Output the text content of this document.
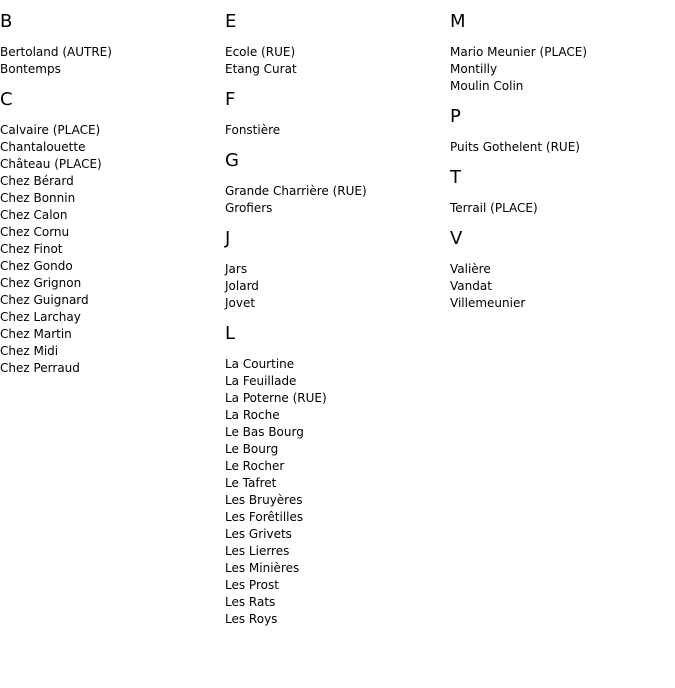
B
Bertoland (AUTRE)
Bontemps
C
Calvaire (PLACE)
Chantalouette
Château (PLACE)
Chez Bérard
Chez Bonnin
Chez Calon
Chez Cornu
Chez Finot
Chez Gondo
Chez Grignon
Chez Guignard
Chez Larchay
Chez Martin
Chez Midi
Chez Perraud
E
Ecole (RUE)
Etang Curat
F
Fonstière
G
Grande Charrière (RUE)
Grofiers
J
Jars
Jolard
Jovet
L
La Courtine
La Feuillade
La Poterne (RUE)
La Roche
Le Bas Bourg
Le Bourg
Le Rocher
Le Tafret
Les Bruyères
Les Forêtilles
Les Grivets
Les Lierres
Les Minières
Les Prost
Les Rats
Les Roys
M
Mario Meunier (PLACE)
Montilly
Moulin Colin
P
Puits Gothelent (RUE)
T
Terrail (PLACE)
V
Valière
Vandat
Villemeunier
